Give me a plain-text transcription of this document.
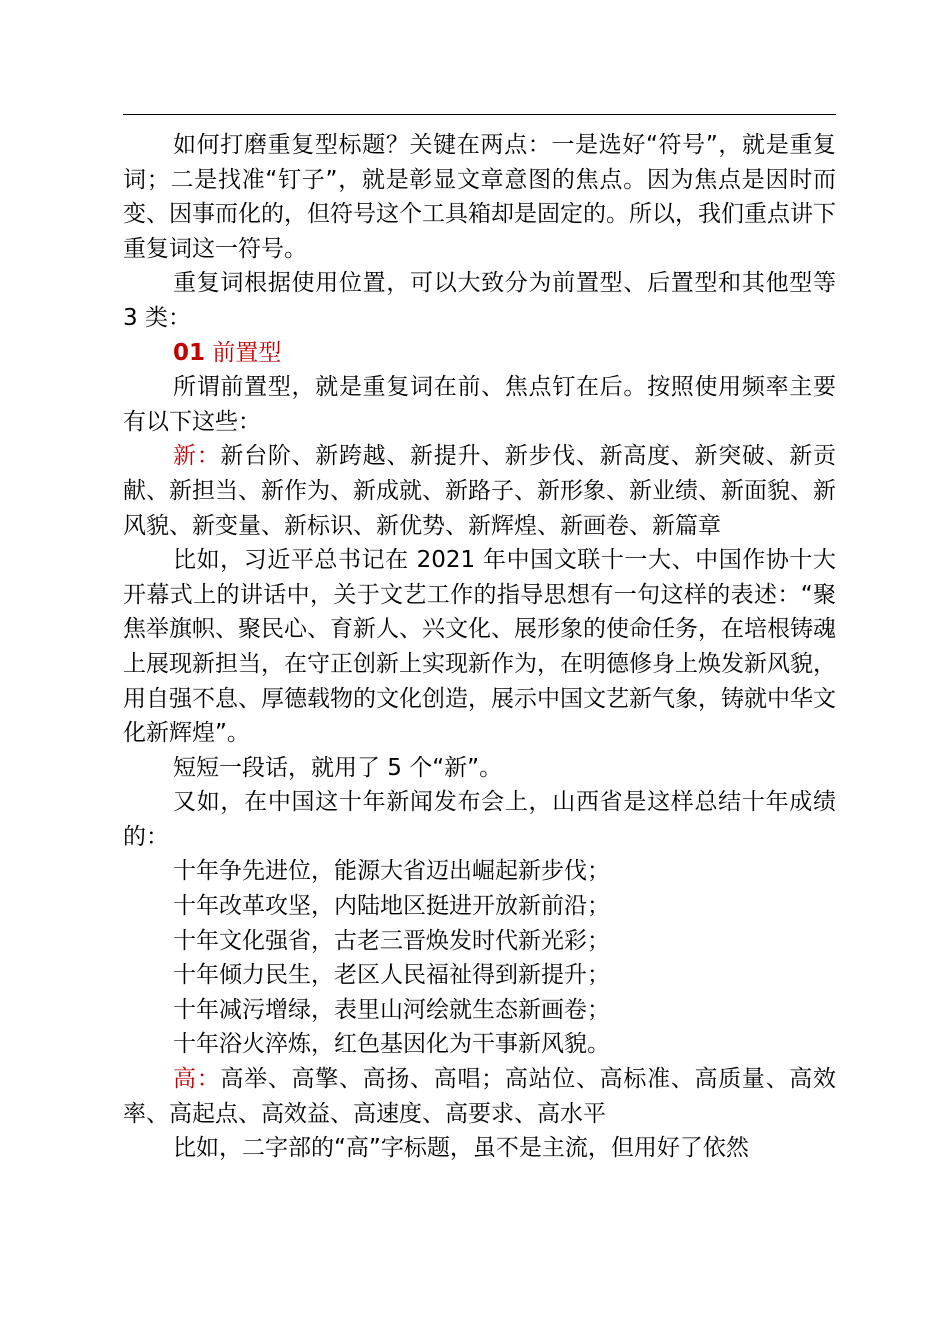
如何打磨重复型标题？关键在两点：一是选好“符号”，就是重复词；二是找准“钉子”，就是彰显文章意图的焦点。因为焦点是因时而变、因事而化的，但符号这个工具箱却是固定的。所以，我们重点讲下重复词这一符号。

重复词根据使用位置，可以大致分为前置型、后置型和其他型等 3 类：

01 前置型

所谓前置型，就是重复词在前、焦点钉在后。按照使用频率主要有以下这些：

新：新台阶、新跨越、新提升、新步伐、新高度、新突破、新贡献、新担当、新作为、新成就、新路子、新形象、新业绩、新面貌、新风貌、新变量、新标识、新优势、新辉煌、新画卷、新篇章

比如，习近平总书记在 2021 年中国文联十一大、中国作协十大开幕式上的讲话中，关于文艺工作的指导思想有一句这样的表述：“聚焦举旗帜、聚民心、育新人、兴文化、展形象的使命任务，在培根铸魂上展现新担当，在守正创新上实现新作为，在明德修身上焕发新风貌，用自强不息、厚德载物的文化创造，展示中国文艺新气象，铸就中华文化新辉煌”。

短短一段话，就用了 5 个“新”。

又如，在中国这十年新闻发布会上，山西省是这样总结十年成绩的：

十年争先进位，能源大省迈出崛起新步伐；

十年改革攻坚，内陆地区挺进开放新前沿；

十年文化强省，古老三晋焕发时代新光彩；

十年倾力民生，老区人民福祉得到新提升；

十年减污增绿，表里山河绘就生态新画卷；

十年浴火淬炼，红色基因化为干事新风貌。

高：高举、高擎、高扬、高唱；高站位、高标准、高质量、高效率、高起点、高效益、高速度、高要求、高水平

比如，二字部的“高”字标题，虽不是主流，但用好了依然
